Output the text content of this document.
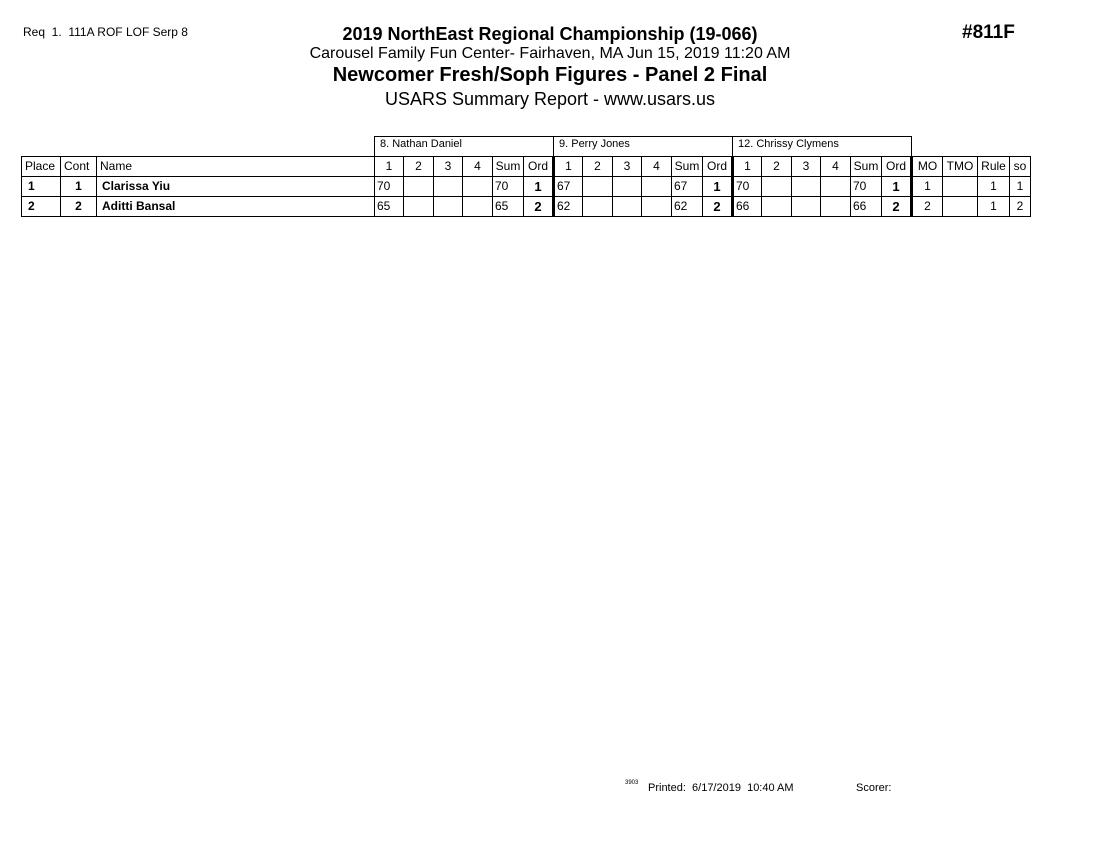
Req  1.  111A ROF LOF Serp 8	#811F
2019 NorthEast Regional Championship (19-066)
Carousel Family Fun Center- Fairhaven, MA Jun 15, 2019 11:20 AM
Newcomer Fresh/Soph Figures - Panel 2 Final
USARS Summary Report - www.usars.us
			8. Nathan Daniel						9. Perry Jones						12. Chrissy Clymens									
Place	Cont	Name	1	2	3	4	Sum	Ord	1	2	3	4	Sum	Ord	1	2	3	4	Sum	Ord	MO	TMO	Rule	so
1	1	Clarissa Yiu	70				70	1	67				67	1	70				70	1	1		1	1
2	2	Aditti Bansal	65				65	2	62				62	2	66				66	2	2		1	2
3903 Printed:  6/17/2019  10:40 AM	Scorer:
